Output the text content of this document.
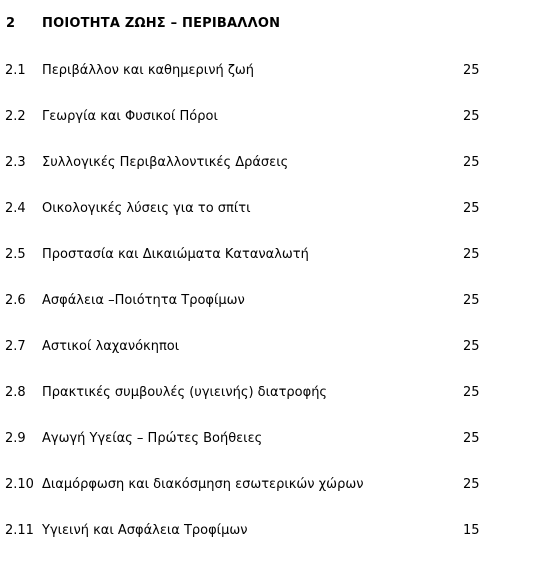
2 ΠΟΙΟΤΗΤΑ ΖΩΗΣ – ΠΕΡΙΒΑΛΛΟΝ
2.1 Περιβάλλον και καθημερινή ζωή	25
2.2 Γεωργία και Φυσικοί Πόροι	25
2.3 Συλλογικές Περιβαλλοντικές Δράσεις	25
2.4 Οικολογικές λύσεις για το σπίτι	25
2.5 Προστασία και Δικαιώματα Καταναλωτή	25
2.6 Ασφάλεια –Ποιότητα Τροφίμων	25
2.7 Αστικοί λαχανόκηποι	25
2.8 Πρακτικές συμβουλές (υγιεινής) διατροφής	25
2.9 Αγωγή Υγείας – Πρώτες Βοήθειες	25
2.10 Διαμόρφωση και διακόσμηση εσωτερικών χώρων	25
2.11 Υγιεινή και Ασφάλεια Τροφίμων	15
